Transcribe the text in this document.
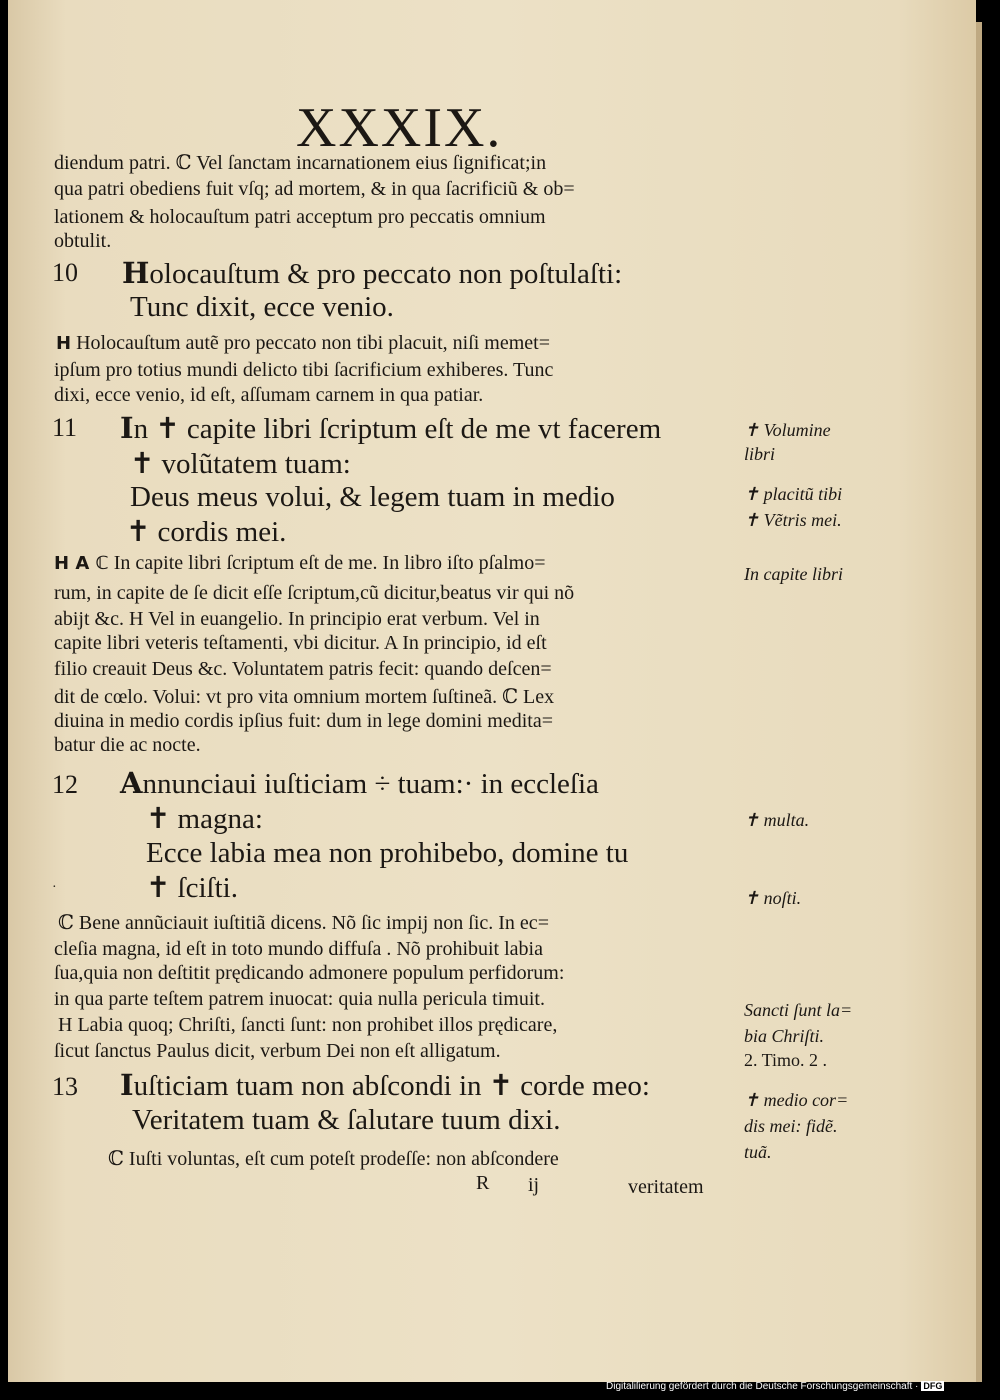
XXXIX.
diendum patri. ℂ Vel ſanctam incarnationem eius ſignificat;in
qua patri obediens fuit vſq; ad mortem, & in qua ſacrificiũ & ob=
lationem & holocauſtum patri acceptum pro peccatis omnium
obtulit.
10 Holocauſtum & pro peccato non poſtulaſti:
Tunc dixit, ecce venio.
H Holocauſtum autẽ pro peccato non tibi placuit, niſi memet=
ipſum pro totius mundi delicto tibi ſacrificium exhiberes. Tunc
dixi, ecce venio, id eſt, aſſumam carnem in qua patiar.
11 In ✝ capite libri ſcriptum eſt de me vt facerem
✝ volũtatem tuam:
Deus meus volui, & legem tuam in medio
✝ cordis mei.
✝ Volumine
libri
✝ placitũ tibi
✝ Vẽtris mei.
H A ℂ In capite libri ſcriptum eſt de me. In libro iſto pſalmo=
rum, in capite de ſe dicit eſſe ſcriptum,cũ dicitur,beatus vir qui nõ
abijt &c. H Vel in euangelio. In principio erat verbum. Vel in
capite libri veteris teſtamenti, vbi dicitur. A In principio, id eſt
filio creauit Deus &c. Voluntatem patris fecit: quando deſcen=
dit de cœlo. Volui: vt pro vita omnium mortem ſuſtineã. ℂ Lex
diuina in medio cordis ipſius fuit: dum in lege domini medita=
batur die ac nocte.
In capite libri
12 Annunciaui iuſticiam ÷ tuam:· in eccleſia
✝ magna:
Ecce labia mea non prohibebo, domine tu
✝ ſciſti.
·
✝ multa.
✝ noſti.
ℂ Bene annũciauit iuſtitiã dicens. Nõ ſic impij non ſic. In ec=
cleſia magna, id eſt in toto mundo diffuſa . Nõ prohibuit labia
ſua,quia non deſtitit prędicando admonere populum perfidorum:
in qua parte teſtem patrem inuocat: quia nulla pericula timuit.
H Labia quoq; Chriſti, ſancti ſunt: non prohibet illos prędicare,
ſicut ſanctus Paulus dicit, verbum Dei non eſt alligatum.
Sancti ſunt la=
bia Chriſti.
2. Timo. 2 .
13 Iuſticiam tuam non abſcondi in ✝ corde meo:
Veritatem tuam & ſalutare tuum dixi.
✝ medio cor=
dis mei: fidẽ.
tuã.
ℂ Iuſti voluntas, eſt cum poteſt prodeſſe: non abſcondere
R ij	veritatem
Digitaliſierung gefördert durch die Deutsche Forschungsgemeinschaft · DFG
